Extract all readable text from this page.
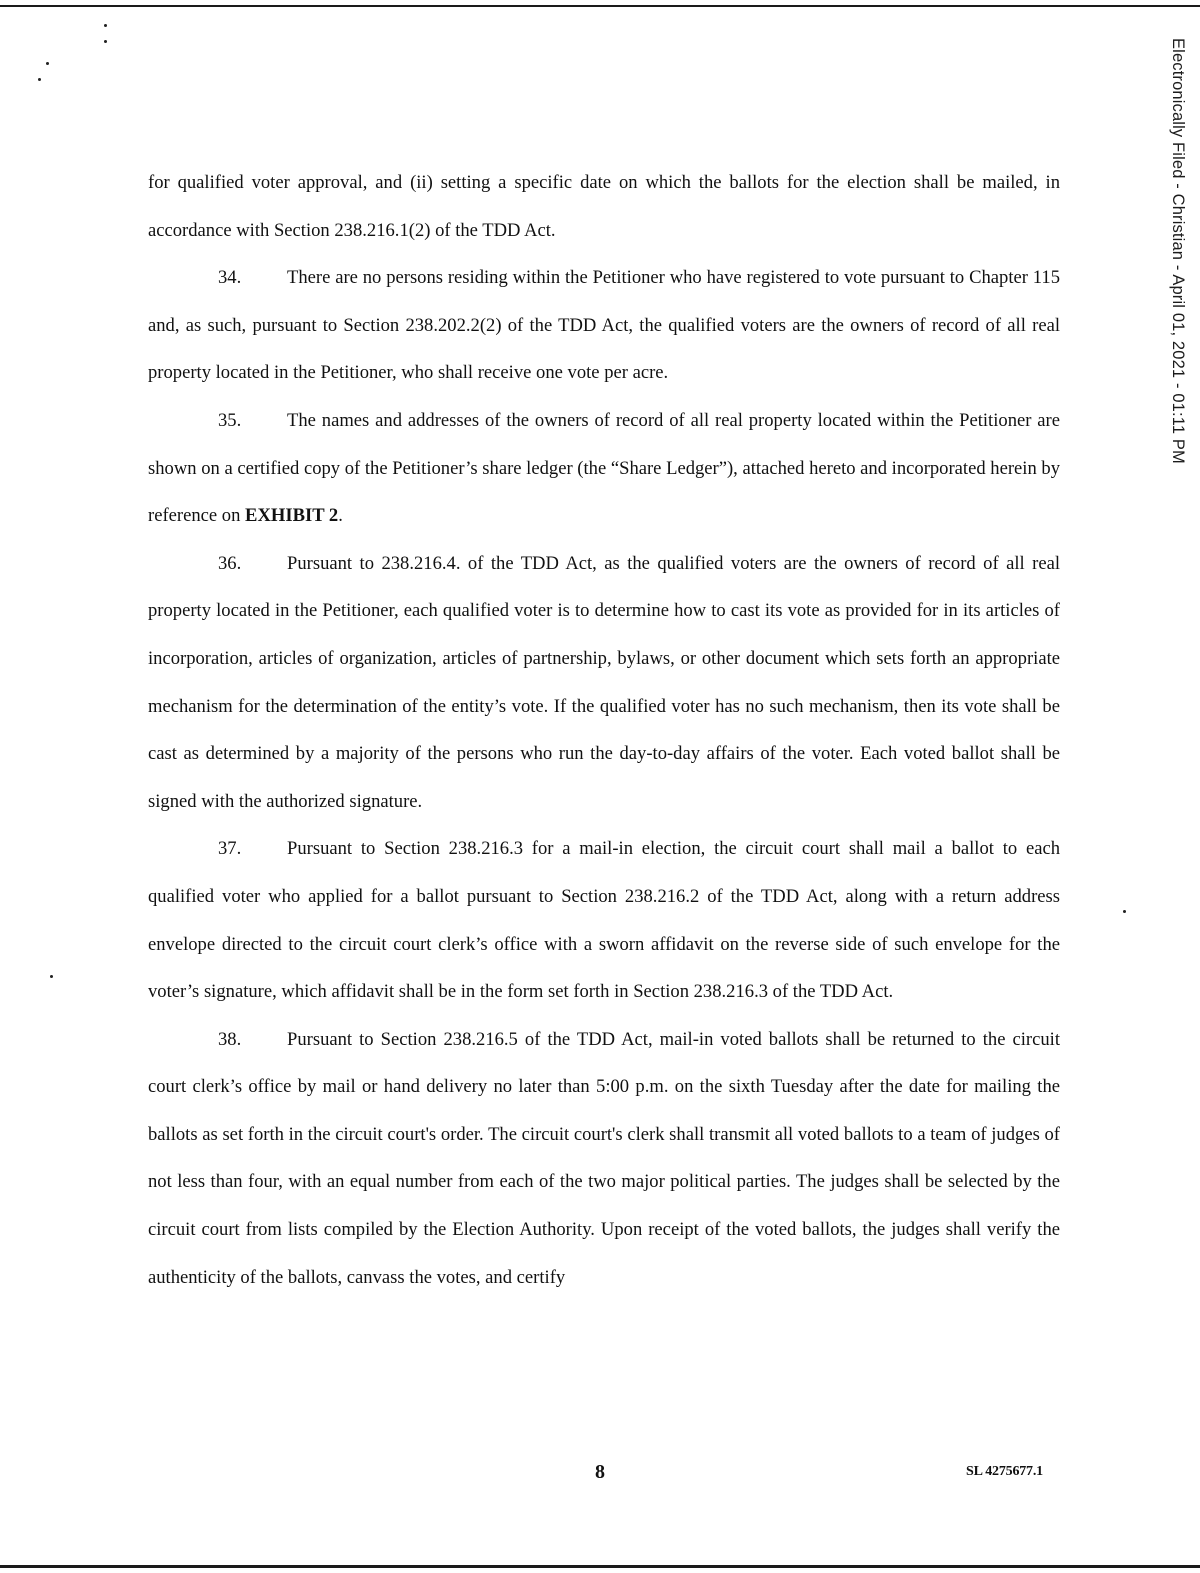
Electronically Filed - Christian - April 01, 2021 - 01:11 PM

for qualified voter approval, and (ii) setting a specific date on which the ballots for the election shall be mailed, in accordance with Section 238.216.1(2) of the TDD Act.

34. There are no persons residing within the Petitioner who have registered to vote pursuant to Chapter 115 and, as such, pursuant to Section 238.202.2(2) of the TDD Act, the qualified voters are the owners of record of all real property located in the Petitioner, who shall receive one vote per acre.

35. The names and addresses of the owners of record of all real property located within the Petitioner are shown on a certified copy of the Petitioner’s share ledger (the “Share Ledger”), attached hereto and incorporated herein by reference on EXHIBIT 2.

36. Pursuant to 238.216.4. of the TDD Act, as the qualified voters are the owners of record of all real property located in the Petitioner, each qualified voter is to determine how to cast its vote as provided for in its articles of incorporation, articles of organization, articles of partnership, bylaws, or other document which sets forth an appropriate mechanism for the determination of the entity’s vote. If the qualified voter has no such mechanism, then its vote shall be cast as determined by a majority of the persons who run the day-to-day affairs of the voter. Each voted ballot shall be signed with the authorized signature.

37. Pursuant to Section 238.216.3 for a mail-in election, the circuit court shall mail a ballot to each qualified voter who applied for a ballot pursuant to Section 238.216.2 of the TDD Act, along with a return address envelope directed to the circuit court clerk’s office with a sworn affidavit on the reverse side of such envelope for the voter’s signature, which affidavit shall be in the form set forth in Section 238.216.3 of the TDD Act.

38. Pursuant to Section 238.216.5 of the TDD Act, mail-in voted ballots shall be returned to the circuit court clerk’s office by mail or hand delivery no later than 5:00 p.m. on the sixth Tuesday after the date for mailing the ballots as set forth in the circuit court's order. The circuit court's clerk shall transmit all voted ballots to a team of judges of not less than four, with an equal number from each of the two major political parties. The judges shall be selected by the circuit court from lists compiled by the Election Authority. Upon receipt of the voted ballots, the judges shall verify the authenticity of the ballots, canvass the votes, and certify

8	SL 4275677.1
